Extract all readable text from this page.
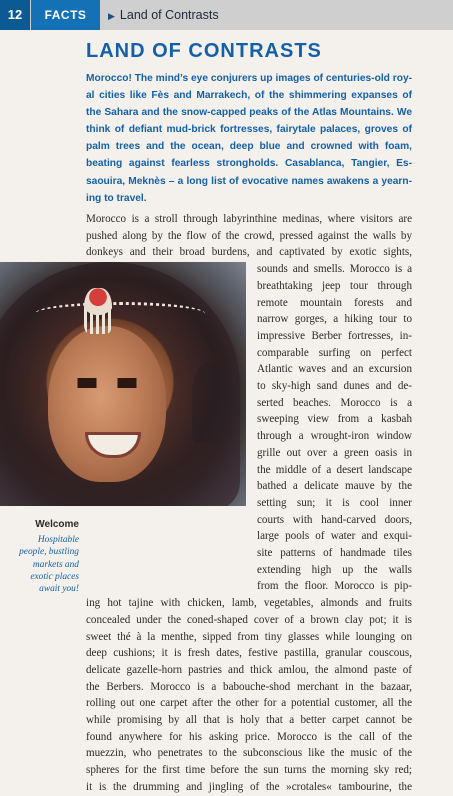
12	FACTS	▶ Land of Contrasts
LAND OF CONTRASTS
Morocco! The mind’s eye conjurers up images of centuries-old roy-
al cities like Fès and Marrakech, of the shimmering expanses of
the Sahara and the snow-capped peaks of the Atlas Mountains. We
think of defiant mud-brick fortresses, fairytale palaces, groves of
palm trees and the ocean, deep blue and crowned with foam,
beating against fearless strongholds. Casablanca, Tangier, Es-
saouira, Meknès – a long list of evocative names awakens a yearn-
ing to travel.
Morocco is a stroll through labyrinthine medinas, where visitors are
pushed along by the flow of the crowd, pressed against the walls by
donkeys and their broad burdens, and captivated by exotic sights,
sounds and smells. Morocco is a
breathtaking jeep tour through
remote mountain forests and
narrow gorges, a hiking tour to
impressive Berber fortresses, in-
comparable surfing on perfect
Atlantic waves and an excursion
to sky-high sand dunes and de-
serted beaches. Morocco is a
sweeping view from a kasbah
through a wrought-iron window
grille out over a green oasis in
the middle of a desert landscape
bathed a delicate mauve by the
setting sun; it is cool inner
courts with hand-carved doors,
large pools of water and exqui-
site patterns of handmade tiles
extending high up the walls
from the floor. Morocco is pip-
ing hot tajine with chicken, lamb, vegetables, almonds and fruits
concealed under the coned-shaped cover of a brown clay pot; it is
sweet thé à la menthe, sipped from tiny glasses while lounging on
deep cushions; it is fresh dates, festive pastilla, granular couscous,
delicate gazelle-horn pastries and thick amlou, the almond paste of
the Berbers. Morocco is a babouche-shod merchant in the bazaar,
rolling out one carpet after the other for a potential customer, all the
while promising by all that is holy that a better carpet cannot be
found anywhere for his asking price. Morocco is the call of the
muezzin, who penetrates to the subconscious like the music of the
spheres for the first time before the sun turns the morning sky red;
it is the drumming and jingling of the »crotales« tambourine, the
Welcome
Hospitable
people, bustling
markets and
exotic places
await you!
